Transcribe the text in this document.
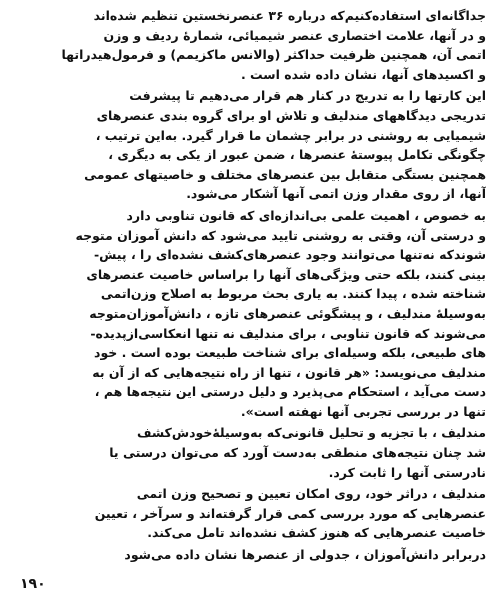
جداگانه‌ای استفاده‌کنیم‌که درباره‌ ۳۶ عنصرنخستین تنظیم شده‌اند
و در آنها، علامت اختصاری عنصر شیمیائی، شمارهٔ ردیف و وزن
اتمی آن، همچنین ظرفیت حداکثر (والانس ماکزیمم) و فرمول‌هیدراتها
و اکسیدهای آنها، نشان داده شده است .

این کارتها را به تدریج در کنار هم قرار می‌دهیم تا پیشرفت
تدریجی دیدگاههای مندلیف و تلاش او برای گروه بندی عنصرهای
شیمیایی به روشنی در برابر چشمان ما قرار گیرد. به‌این ترتیب ،
چگونگی تکامل پیوستهٔ عنصرها ، ضمن عبور از یکی به دیگری ،
همچنین بستگی متقابل بین عنصرهای مختلف و خاصیتهای عمومی
آنها، از روی مقدار وزن اتمی آنها آشکار می‌شود.

به خصوص ، اهمیت علمی بی‌اندازه‌ای که قانون تناوبی دارد
و درستی آن، وقتی به روشنی تایید می‌شود که دانش آموزان متوجه
شوندکه نه‌تنها می‌توانند وجود عنصرهای‌کشف نشده‌ای را ، پیش-
بینی کنند، بلکه حتی ویژگی‌های آنها را براساس خاصیت عنصرهای
شناخته شده ، پیدا کنند. به یاری بحث مربوط به اصلاح وزن‌اتمی
به‌وسیلهٔ مندلیف ، و پیشگوئی عنصرهای تازه ، دانش‌آموزان‌متوجه
می‌شوند که قانون تناوبی ، برای مندلیف نه تنها انعکاسی‌ازپدیده-
های طبیعی، بلکه وسیله‌ای برای شناخت طبیعت بوده است . خود
مندلیف می‌نویسد: «هر قانون ، تنها از راه نتیجه‌هایی که از آن به
دست می‌آید ، استحکام می‌پذیرد و دلیل درستی این نتیجه‌ها هم ،
تنها در بررسی تجربی آنها نهفته است».

مندلیف ، با تجزیه و تحلیل قانونی‌که به‌وسیلهٔ‌خودش‌کشف
شد چنان نتیجه‌های منطقی به‌دست آورد که می‌توان درستی یا
نادرستی آنها را ثابت کرد.

مندلیف ، دراثر خود، روی امکان تعیین و تصحیح وزن اتمی
عنصرهایی که مورد بررسی کمی قرار گرفته‌اند و سرآخر ، تعیین
خاصیت عنصرهایی که هنوز کشف نشده‌اند تامل می‌کند.

دربرابر دانش‌آموزان ، جدولی از عنصرها نشان داده می‌شود

۱۹۰
